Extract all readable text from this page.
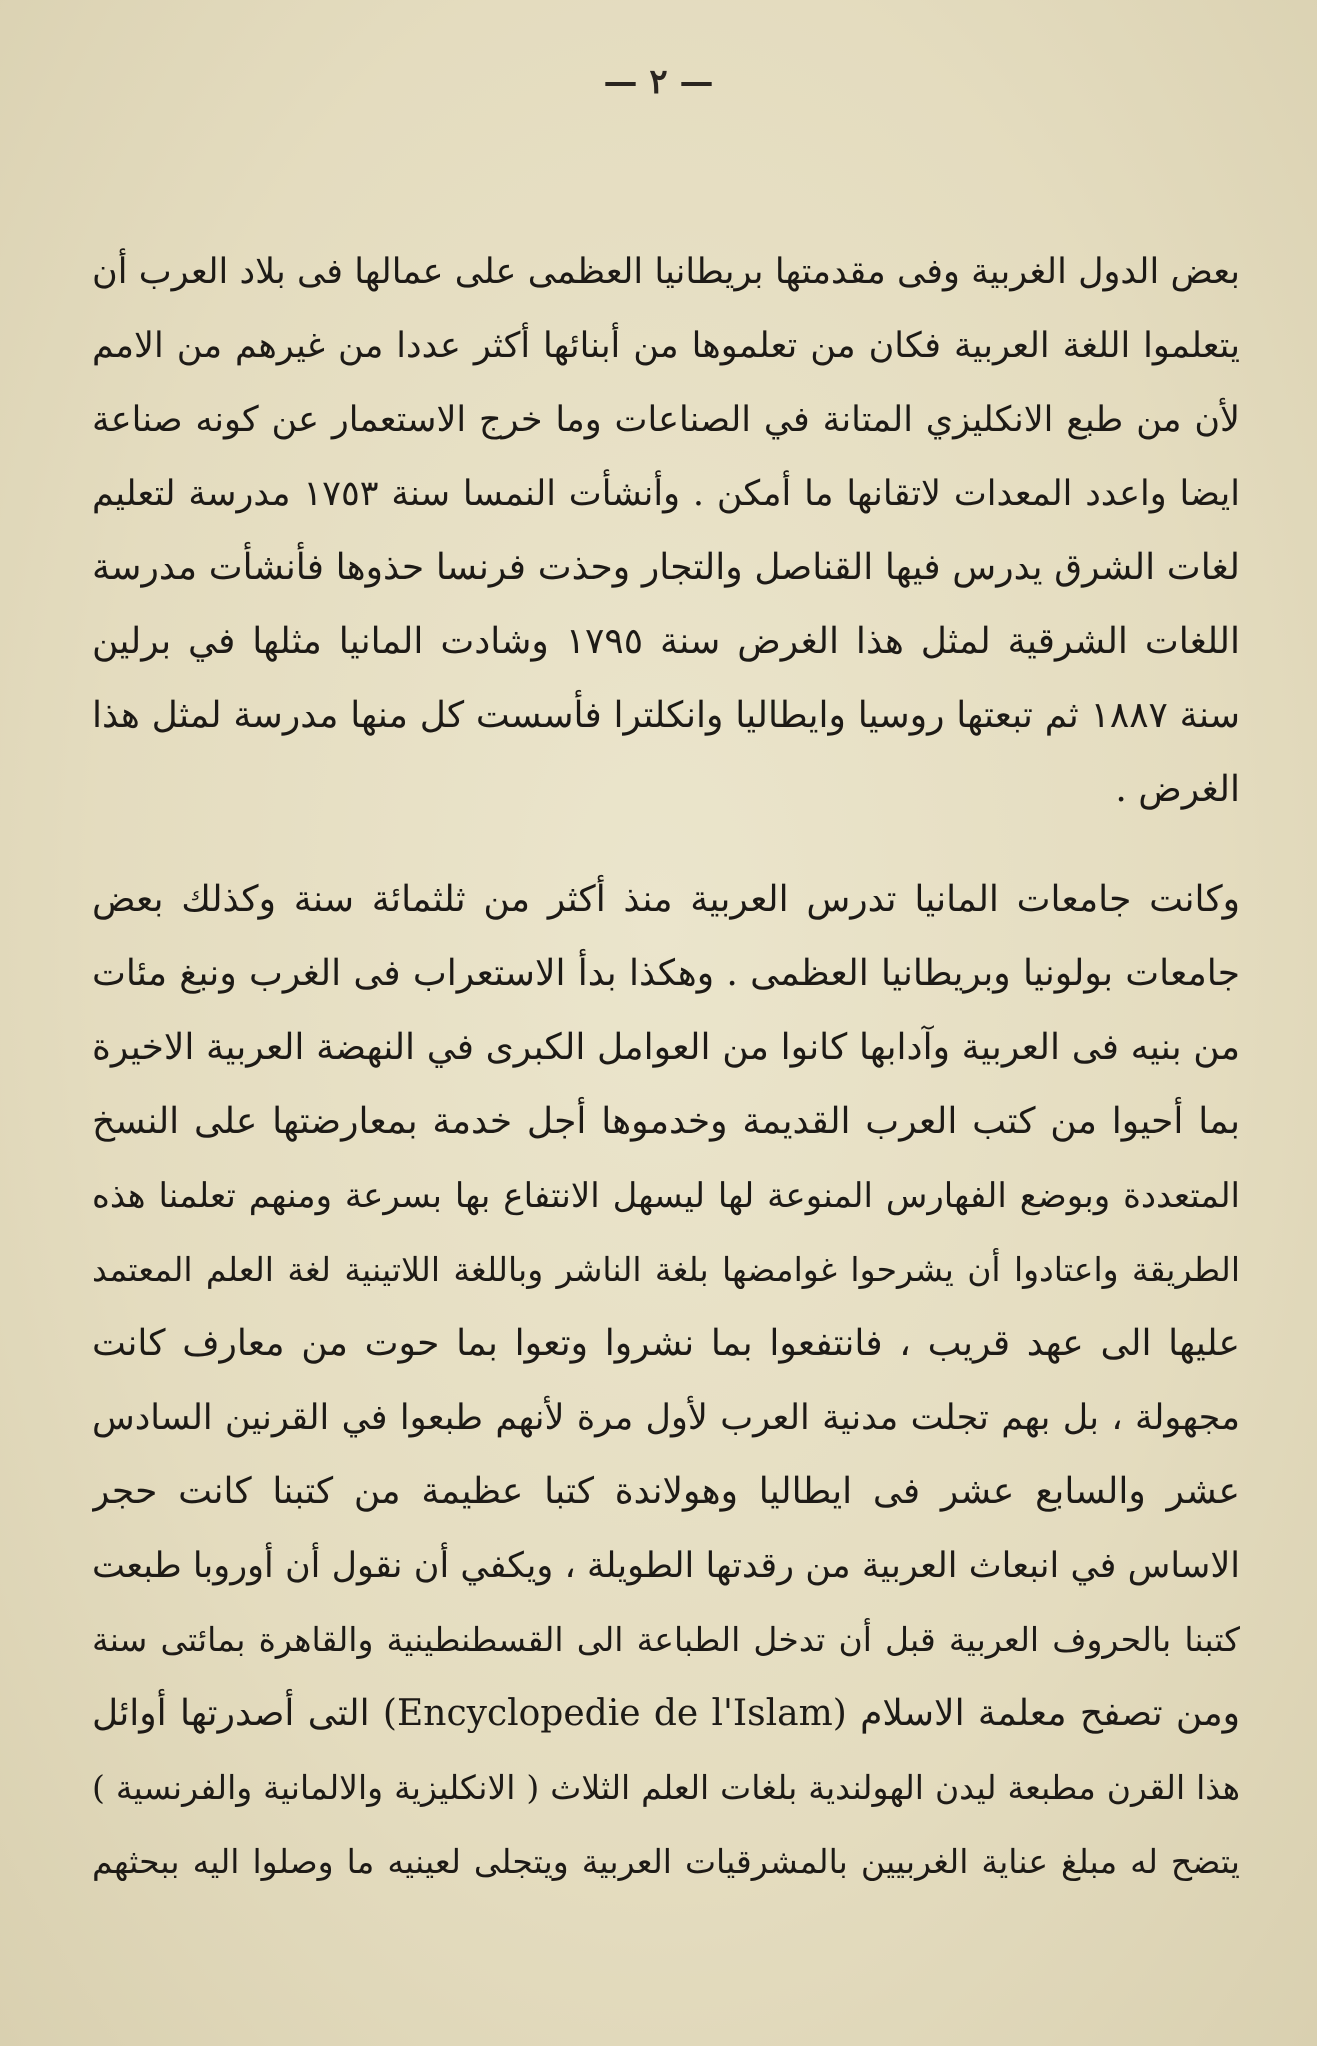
— ٢ —
بعض الدول الغربية وفى مقدمتها بريطانيا العظمى على عمالها فى بلاد العرب أن
يتعلموا اللغة العربية فكان من تعلموها من أبنائها أكثر عددا من غيرهم من الامم
لأن من طبع الانكليزي المتانة في الصناعات وما خرج الاستعمار عن كونه صناعة
ايضا واعدد المعدات لاتقانها ما أمكن . وأنشأت النمسا سنة ١٧٥٣ مدرسة لتعليم
لغات الشرق يدرس فيها القناصل والتجار وحذت فرنسا حذوها فأنشأت مدرسة
اللغات الشرقية لمثل هذا الغرض سنة ١٧٩٥ وشادت المانيا مثلها في برلين
سنة ١٨٨٧ ثم تبعتها روسيا وايطاليا وانكلترا فأسست كل منها مدرسة لمثل هذا
الغرض .
وكانت جامعات المانيا تدرس العربية منذ أكثر من ثلثمائة سنة وكذلك بعض
جامعات بولونيا وبريطانيا العظمى . وهكذا بدأ الاستعراب فى الغرب ونبغ مئات
من بنيه فى العربية وآدابها كانوا من العوامل الكبرى في النهضة العربية الاخيرة
بما أحيوا من كتب العرب القديمة وخدموها أجل خدمة بمعارضتها على النسخ
المتعددة وبوضع الفهارس المنوعة لها ليسهل الانتفاع بها بسرعة ومنهم تعلمنا هذه
الطريقة واعتادوا أن يشرحوا غوامضها بلغة الناشر وباللغة اللاتينية لغة العلم المعتمد
عليها الى عهد قريب ، فانتفعوا بما نشروا وتعوا بما حوت من معارف كانت
مجهولة ، بل بهم تجلت مدنية العرب لأول مرة لأنهم طبعوا في القرنين السادس
عشر والسابع عشر فى ايطاليا وهولاندة كتبا عظيمة من كتبنا كانت حجر
الاساس في انبعاث العربية من رقدتها الطويلة ، ويكفي أن نقول أن أوروبا طبعت
كتبنا بالحروف العربية قبل أن تدخل الطباعة الى القسطنطينية والقاهرة بمائتى سنة
ومن تصفح معلمة الاسلام (Encyclopedie de l'Islam) التى أصدرتها أوائل
هذا القرن مطبعة ليدن الهولندية بلغات العلم الثلاث ( الانكليزية والالمانية والفرنسية )
يتضح له مبلغ عناية الغربيين بالمشرقيات العربية ويتجلى لعينيه ما وصلوا اليه ببحثهم
